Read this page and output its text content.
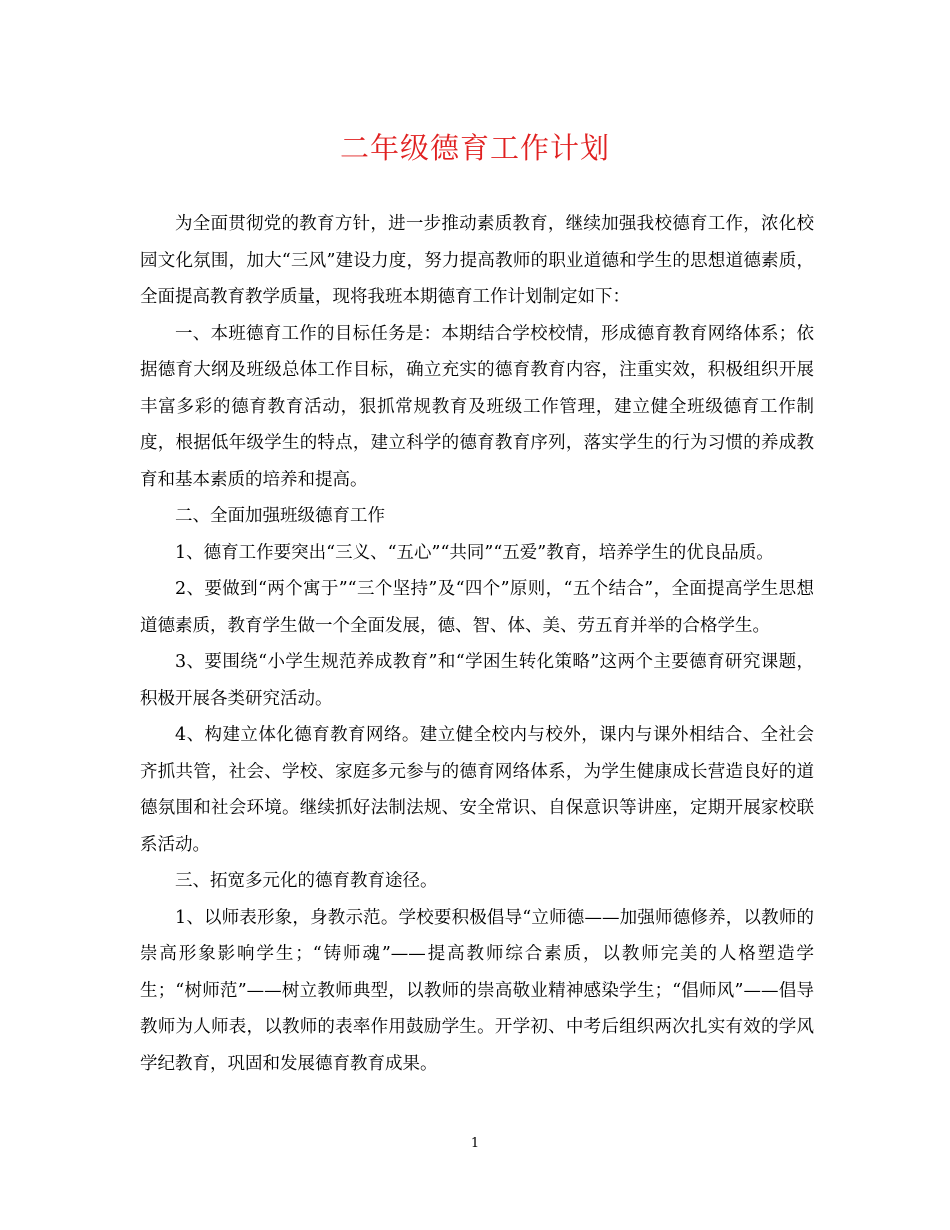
二年级德育工作计划

为全面贯彻党的教育方针，进一步推动素质教育，继续加强我校德育工作，浓化校园文化氛围，加大“三风”建设力度，努力提高教师的职业道德和学生的思想道德素质，全面提高教育教学质量，现将我班本期德育工作计划制定如下：

一、本班德育工作的目标任务是：本期结合学校校情，形成德育教育网络体系；依据德育大纲及班级总体工作目标，确立充实的德育教育内容，注重实效，积极组织开展丰富多彩的德育教育活动，狠抓常规教育及班级工作管理，建立健全班级德育工作制度，根据低年级学生的特点，建立科学的德育教育序列，落实学生的行为习惯的养成教育和基本素质的培养和提高。

二、全面加强班级德育工作

1、德育工作要突出“三义、“五心”“共同”“五爱”教育，培养学生的优良品质。

2、要做到“两个寓于”“三个坚持”及“四个”原则，“五个结合”，全面提高学生思想道德素质，教育学生做一个全面发展，德、智、体、美、劳五育并举的合格学生。

3、要围绕“小学生规范养成教育”和“学困生转化策略”这两个主要德育研究课题，积极开展各类研究活动。

4、构建立体化德育教育网络。建立健全校内与校外，课内与课外相结合、全社会齐抓共管，社会、学校、家庭多元参与的德育网络体系，为学生健康成长营造良好的道德氛围和社会环境。继续抓好法制法规、安全常识、自保意识等讲座，定期开展家校联系活动。

三、拓宽多元化的德育教育途径。

1、以师表形象，身教示范。学校要积极倡导“立师德——加强师德修养，以教师的崇高形象影响学生；“铸师魂”——提高教师综合素质，以教师完美的人格塑造学生；“树师范”——树立教师典型，以教师的崇高敬业精神感染学生；“倡师风”——倡导教师为人师表，以教师的表率作用鼓励学生。开学初、中考后组织两次扎实有效的学风学纪教育，巩固和发展德育教育成果。

1
